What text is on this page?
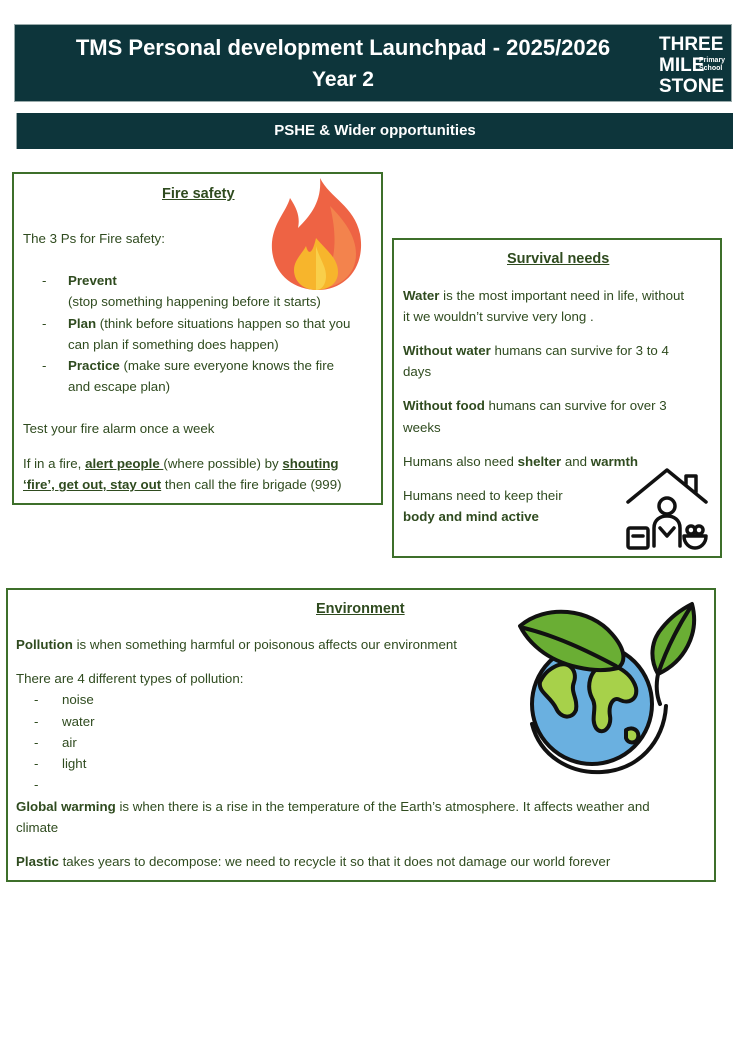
TMS Personal development Launchpad - 2025/2026
Year 2
THREE
MILE
STONE
Primary School
PSHE & Wider opportunities
Fire safety

The 3 Ps for Fire safety:

- Prevent

(stop something happening before it starts)

- Plan (think before situations happen so that you

can plan if something does happen)

- Practice (make sure everyone knows the fire

and escape plan)

Test your fire alarm once a week

If in a fire, alert people (where possible) by shouting

‘fire’, get out, stay out then call the fire brigade (999)

Survival needs

Water is the most important need in life, without

it we wouldn’t survive very long .

Without water humans can survive for 3 to 4

days

Without food humans can survive for over 3

weeks

Humans also need shelter and warmth

Humans need to keep their

body and mind active

Environment

Pollution is when something harmful or poisonous affects our environment

There are 4 different types of pollution:

- noise

- water

- air

- light

-

Global warming is when there is a rise in the temperature of the Earth’s atmosphere. It affects weather and

climate

Plastic takes years to decompose: we need to recycle it so that it does not damage our world forever
